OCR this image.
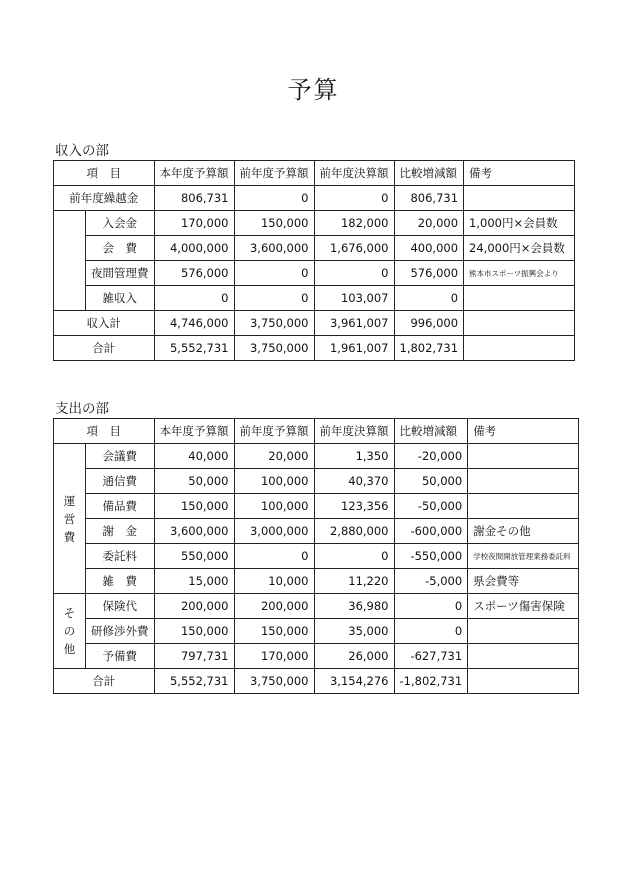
予算
収入の部
項　目		本年度予算額	前年度予算額	前年度決算額	比較増減額	備考
前年度繰越金		806,731	0	0	806,731	
	入会金	170,000	150,000	182,000	20,000	1,000円×会員数
	会　費	4,000,000	3,600,000	1,676,000	400,000	24,000円×会員数
	夜間管理費	576,000	0	0	576,000	熊本市スポーツ振興会より
	雑収入	0	0	103,007	0	
収入計		4,746,000	3,750,000	3,961,007	996,000	
合計		5,552,731	3,750,000	1,961,007	1,802,731	
支出の部
項　目		本年度予算額	前年度予算額	前年度決算額	比較増減額	備考
運
営
費	会議費	40,000	20,000	1,350	-20,000	
	通信費	50,000	100,000	40,370	50,000	
	備品費	150,000	100,000	123,356	-50,000	
	謝　金	3,600,000	3,000,000	2,880,000	-600,000	謝金その他
	委託料	550,000	0	0	-550,000	学校夜間開放管理業務委託料
	雑　費	15,000	10,000	11,220	-5,000	県会費等
そ
の
他	保険代	200,000	200,000	36,980	0	スポーツ傷害保険
	研修渉外費	150,000	150,000	35,000	0	
	予備費	797,731	170,000	26,000	-627,731	
合計		5,552,731	3,750,000	3,154,276	-1,802,731	
